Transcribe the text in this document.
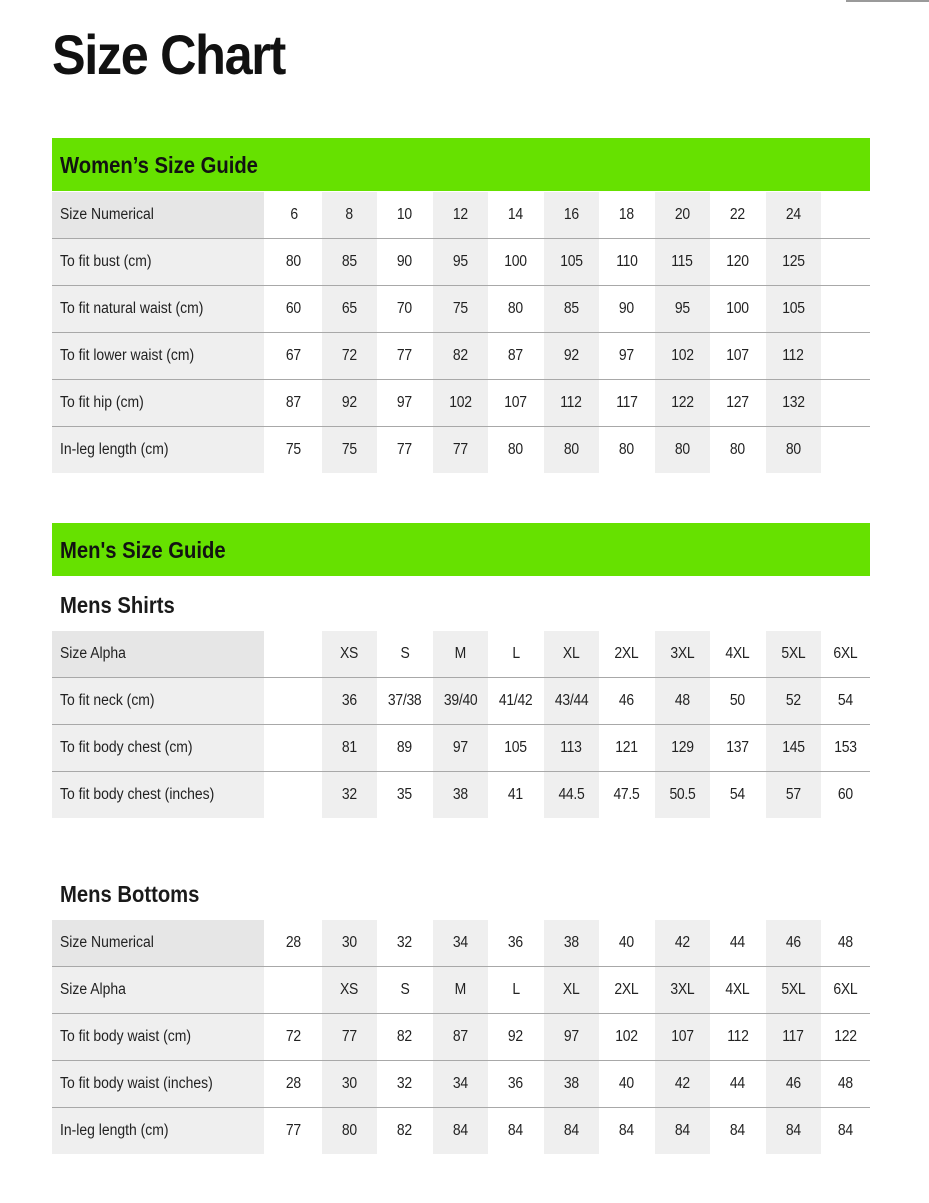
Size Chart
Women’s Size Guide
Size Numerical		6	8	10	12	14	16	18	20	22	24	
To fit bust (cm)		80	85	90	95	100	105	110	115	120	125	
To fit natural waist (cm)		60	65	70	75	80	85	90	95	100	105	
To fit lower waist (cm)		67	72	77	82	87	92	97	102	107	112	
To fit hip (cm)		87	92	97	102	107	112	117	122	127	132	
In-leg length (cm)		75	75	77	77	80	80	80	80	80	80	
Men's Size Guide
Mens Shirts
Size Alpha			XS	S	M	L	XL	2XL	3XL	4XL	5XL	6XL
To fit neck (cm)			36	37/38	39/40	41/42	43/44	46	48	50	52	54
To fit body chest (cm)			81	89	97	105	113	121	129	137	145	153
To fit body chest (inches)			32	35	38	41	44.5	47.5	50.5	54	57	60
Mens Bottoms
Size Numerical		28	30	32	34	36	38	40	42	44	46	48
Size Alpha			XS	S	M	L	XL	2XL	3XL	4XL	5XL	6XL
To fit body waist (cm)		72	77	82	87	92	97	102	107	112	117	122
To fit body waist (inches)		28	30	32	34	36	38	40	42	44	46	48
In-leg length (cm)		77	80	82	84	84	84	84	84	84	84	84
